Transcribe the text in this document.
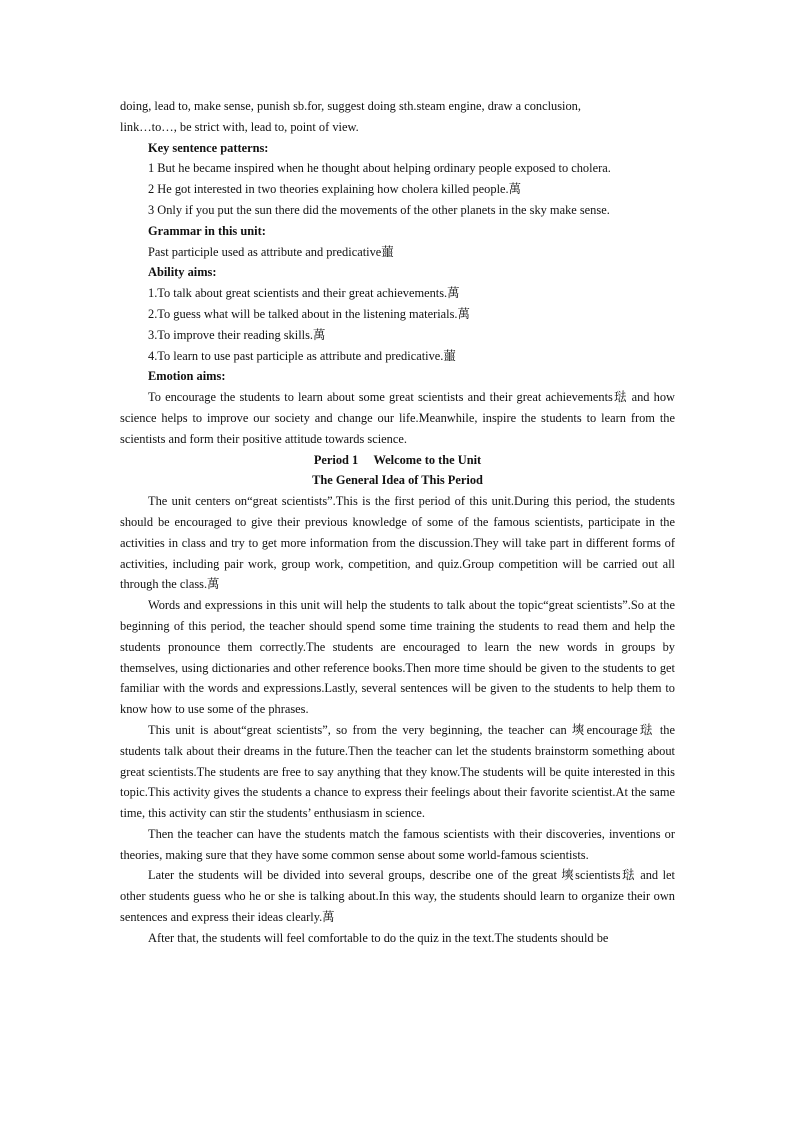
doing, lead to, make sense, punish sb.for, suggest doing sth.steam engine, draw a conclusion,

link…to…, be strict with, lead to, point of view.

Key sentence patterns:

1 But he became inspired when he thought about helping ordinary people exposed to cholera.

2 He got interested in two theories explaining how cholera killed people.萬

3 Only if you put the sun there did the movements of the other planets in the sky make sense.

Grammar in this unit:

Past participle used as attribute and predicative蘁

Ability aims:

1.To talk about great scientists and their great achievements.萬

2.To guess what will be talked about in the listening materials.萬

3.To improve their reading skills.萬

4.To learn to use past participle as attribute and predicative.蘁

Emotion aims:

To encourage the students to learn about some great scientists and their great achievements琺 and how science helps to improve our society and change our life.Meanwhile, inspire the students to learn from the scientists and form their positive attitude towards science.

Period 1　 Welcome to the Unit

The General Idea of This Period

The unit centers on“great scientists”.This is the first period of this unit.During this period, the students should be encouraged to give their previous knowledge of some of the famous scientists, participate in the activities in class and try to get more information from the discussion.They will take part in different forms of activities, including pair work, group work, competition, and quiz.Group competition will be carried out all through the class.萬

Words and expressions in this unit will help the students to talk about the topic“great scientists”.So at the beginning of this period, the teacher should spend some time training the students to read them and help the students pronounce them correctly.The students are encouraged to learn the new words in groups by themselves, using dictionaries and other reference books.Then more time should be given to the students to get familiar with the words and expressions.Lastly, several sentences will be given to the students to help them to know how to use some of the phrases.

This unit is about“great scientists”, so from the very beginning, the teacher can 塽encourage琺 the students talk about their dreams in the future.Then the teacher can let the students brainstorm something about great scientists.The students are free to say anything that they know.The students will be quite interested in this topic.This activity gives the students a chance to express their feelings about their favorite scientist.At the same time, this activity can stir the students’ enthusiasm in science.

Then the teacher can have the students match the famous scientists with their discoveries, inventions or theories, making sure that they have some common sense about some world-famous scientists.

Later the students will be divided into several groups, describe one of the great 塽scientists琺 and let other students guess who he or she is talking about.In this way, the students should learn to organize their own sentences and express their ideas clearly.萬

After that, the students will feel comfortable to do the quiz in the text.The students should be
